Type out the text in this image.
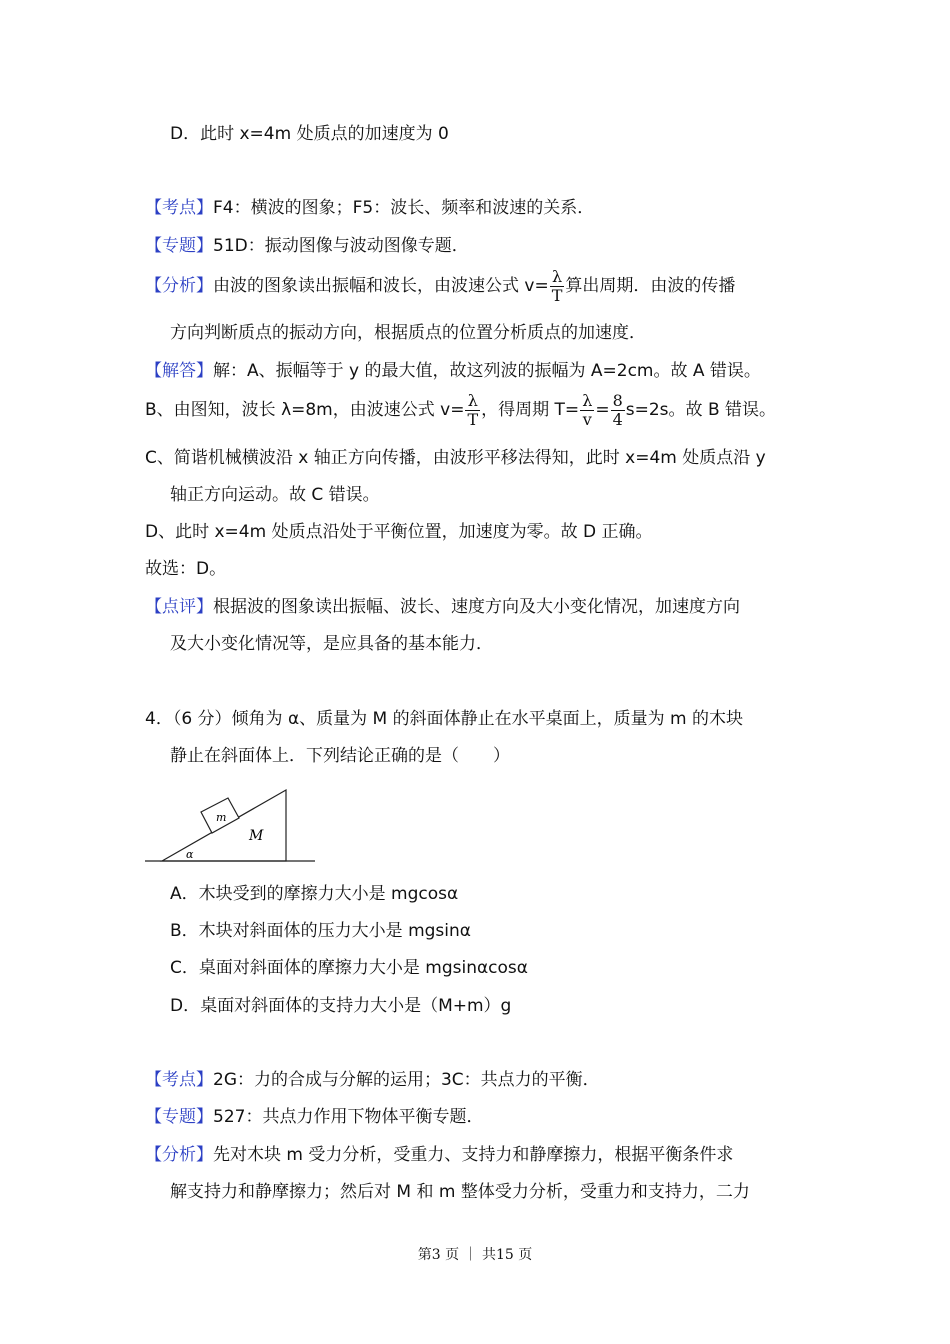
D．此时 x=4m 处质点的加速度为 0
【考点】F4：横波的图象；F5：波长、频率和波速的关系．
【专题】51D：振动图像与波动图像专题．
【分析】由波的图象读出振幅和波长，由波速公式 $v= \frac{\lambda}{T}$ 算出周期．由波的传播
方向判断质点的振动方向，根据质点的位置分析质点的加速度．
【解答】解：A、振幅等于 y 的最大值，故这列波的振幅为 A=2cm。故 A 错误。
B、由图知，波长 λ=8m，由波速公式 $v= \frac{\lambda}{T}$ ，得周期 $T= \frac{\lambda}{v} = \frac{8}{4} s=2s$。故 B 错误。
C、简谐机械横波沿 x 轴正方向传播，由波形平移法得知，此时 x=4m 处质点沿 y
轴正方向运动。故 C 错误。
D、此时 x=4m 处质点沿处于平衡位置，加速度为零。故 D 正确。
故选：D。
【点评】根据波的图象读出振幅、波长、速度方向及大小变化情况，加速度方向
及大小变化情况等，是应具备的基本能力．
4．（6 分）倾角为 α、质量为 M 的斜面体静止在水平桌面上，质量为 m 的木块
静止在斜面体上．下列结论正确的是（　　）
m
M
α
A．木块受到的摩擦力大小是 mgcosα
B．木块对斜面体的压力大小是 mgsinα
C．桌面对斜面体的摩擦力大小是 mgsinαcosα
D．桌面对斜面体的支持力大小是（M+m）g
【考点】2G：力的合成与分解的运用；3C：共点力的平衡．
【专题】527：共点力作用下物体平衡专题．
【分析】先对木块 m 受力分析，受重力、支持力和静摩擦力，根据平衡条件求
解支持力和静摩擦力；然后对 M 和 m 整体受力分析，受重力和支持力，二力
第3 页 ｜ 共15 页
